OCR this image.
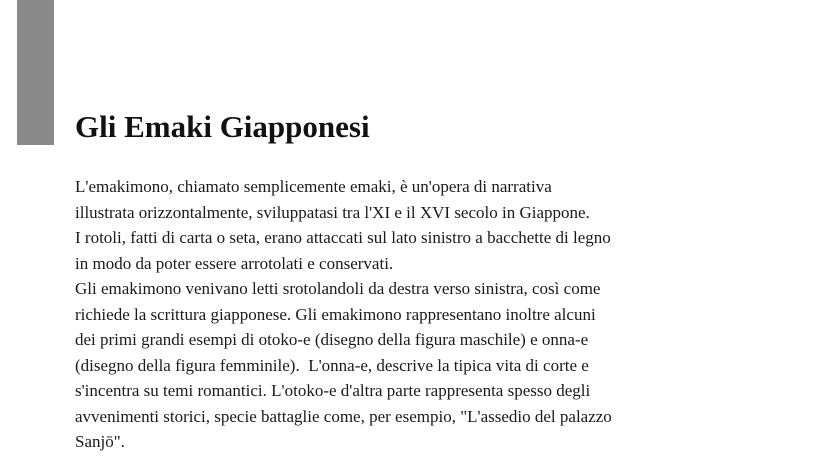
Gli Emaki Giapponesi
L'emakimono, chiamato semplicemente emaki, è un'opera di narrativa
illustrata orizzontalmente, sviluppatasi tra l'XI e il XVI secolo in Giappone.
I rotoli, fatti di carta o seta, erano attaccati sul lato sinistro a bacchette di legno
in modo da poter essere arrotolati e conservati.
Gli emakimono venivano letti srotolandoli da destra verso sinistra, così come
richiede la scrittura giapponese. Gli emakimono rappresentano inoltre alcuni
dei primi grandi esempi di otoko-e (disegno della figura maschile) e onna-e
(disegno della figura femminile).  L'onna-e, descrive la tipica vita di corte e
s'incentra su temi romantici. L'otoko-e d'altra parte rappresenta spesso degli
avvenimenti storici, specie battaglie come, per esempio, "L'assedio del palazzo
Sanjō".
